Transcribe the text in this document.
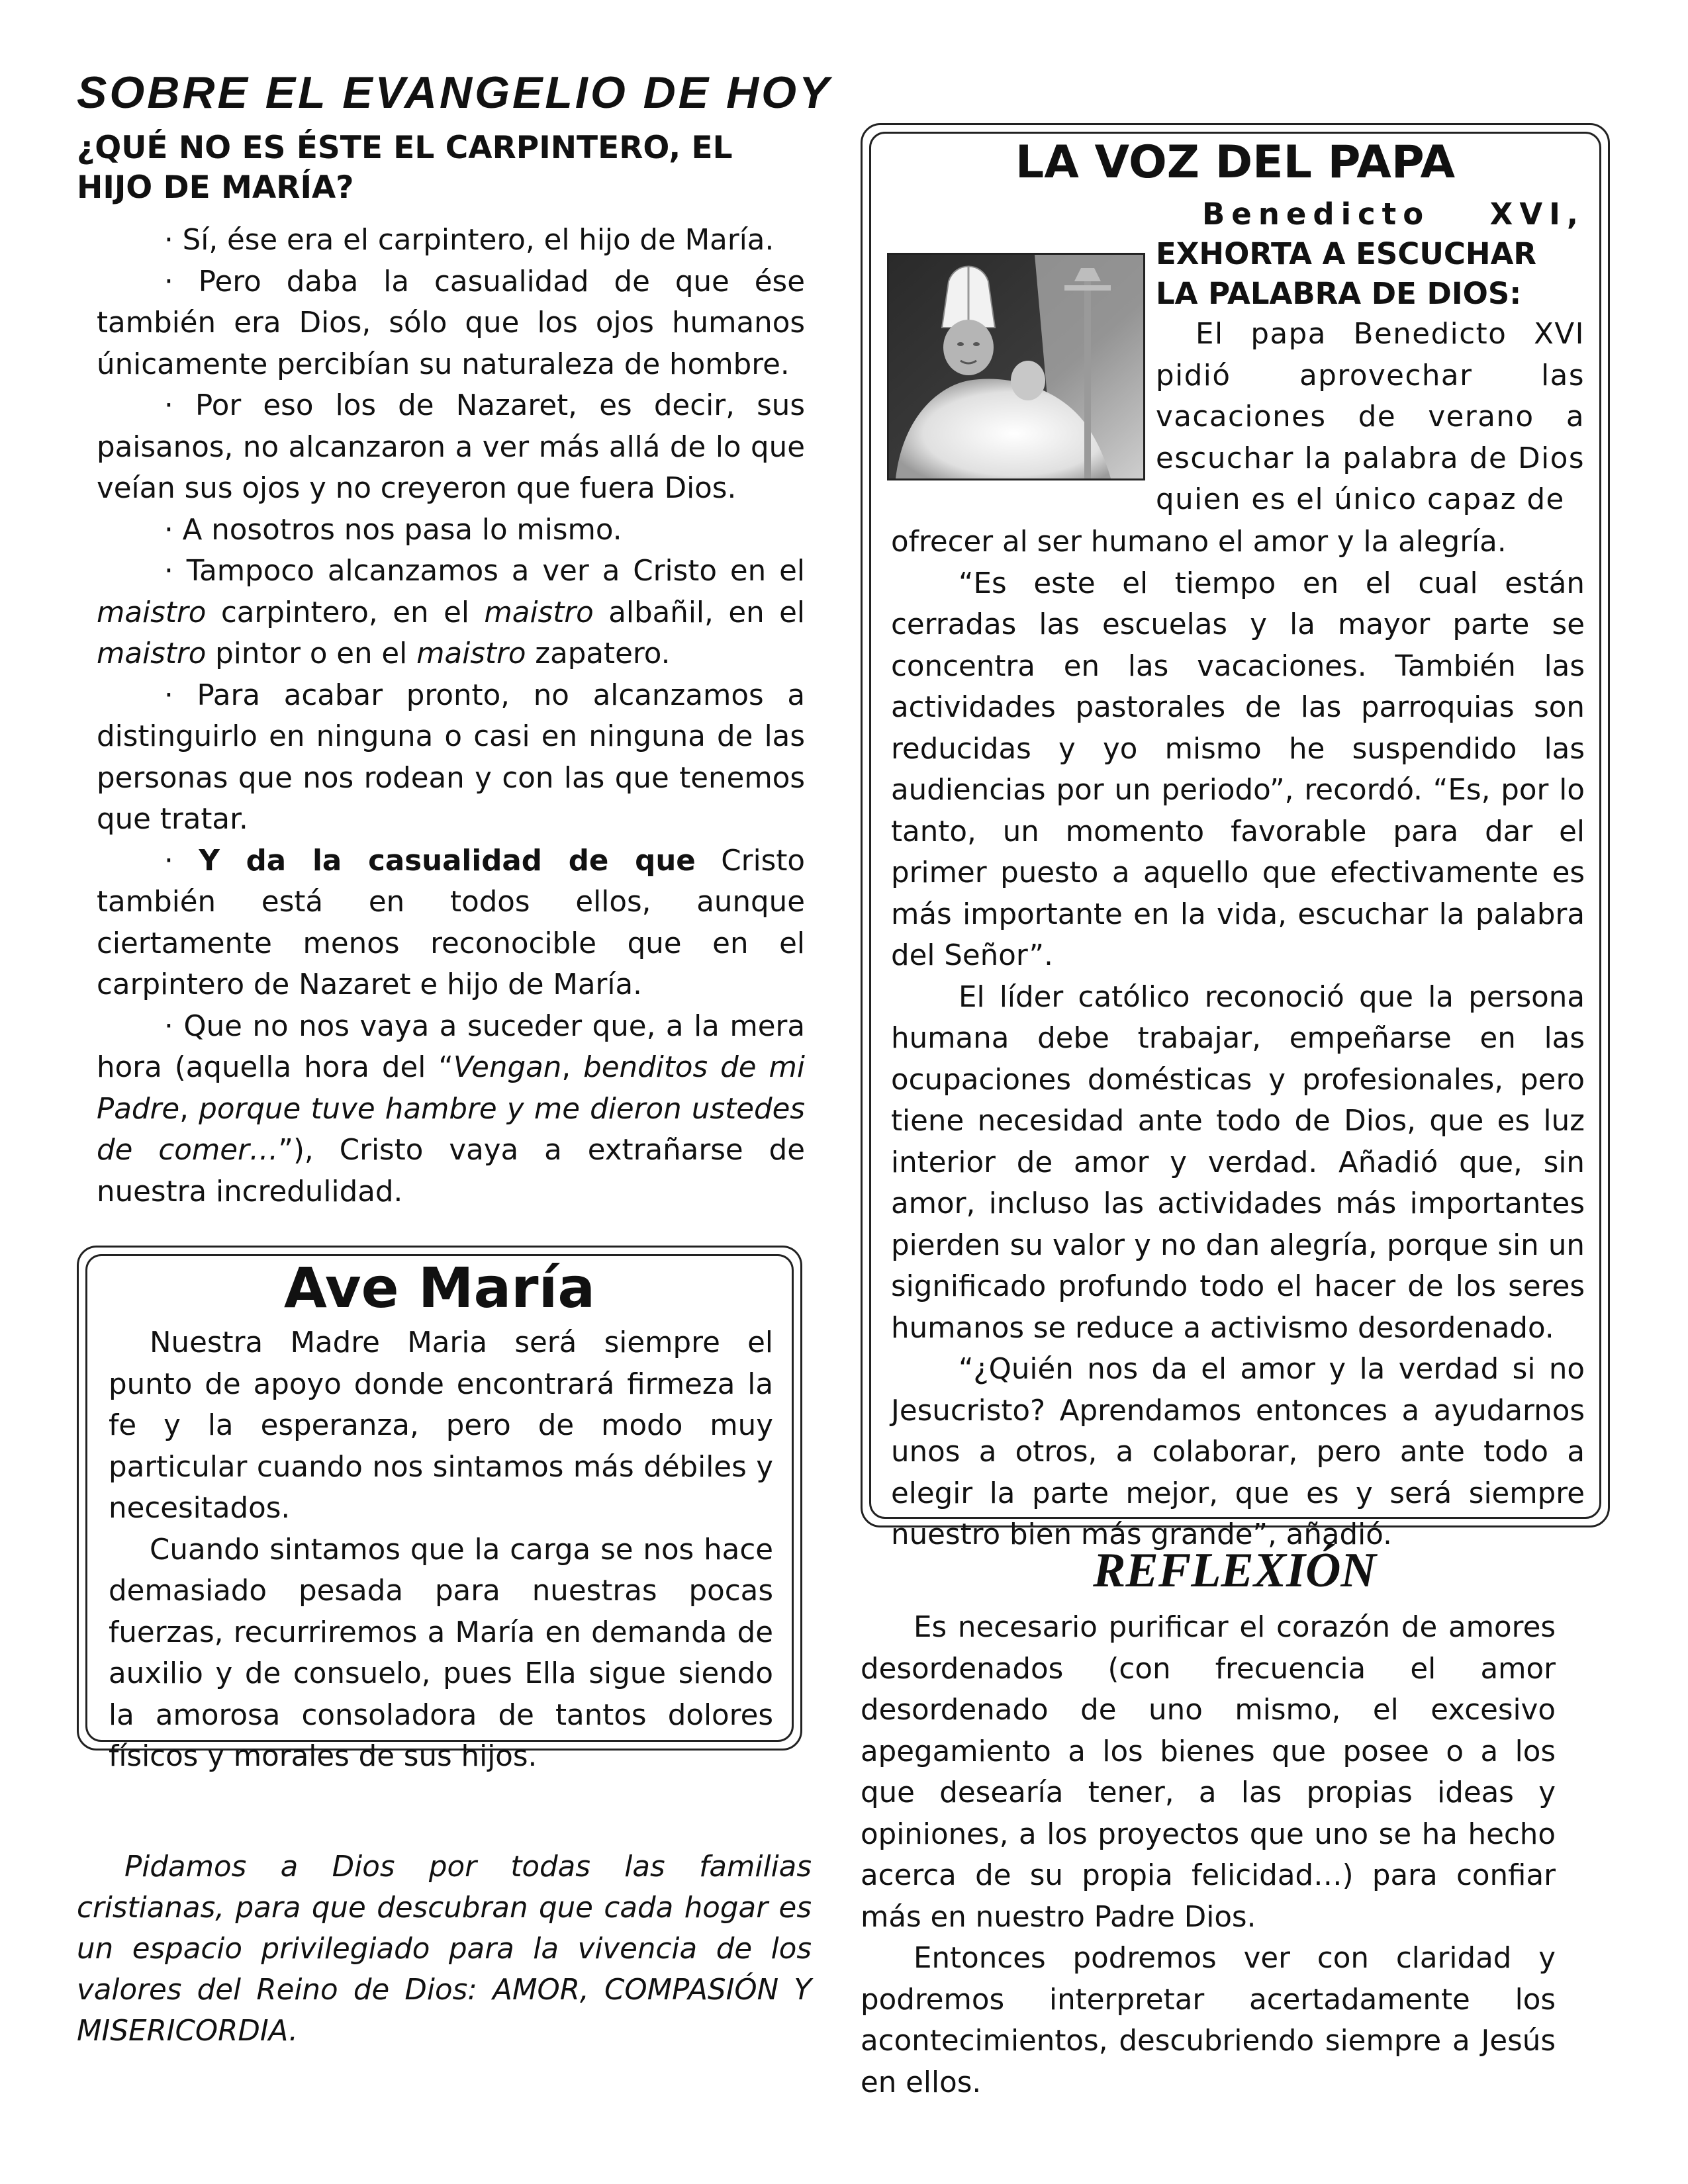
SOBRE EL EVANGELIO DE HOY
¿QUÉ NO ES ÉSTE EL CARPINTERO, EL HIJO DE MARÍA?

· Sí, ése era el carpintero, el hijo de María.

· Pero daba la casualidad de que ése también era Dios, sólo que los ojos humanos únicamente percibían su naturaleza de hombre.

· Por eso los de Nazaret, es decir, sus paisanos, no alcanzaron a ver más allá de lo que veían sus ojos y no creyeron que fuera Dios.

· A nosotros nos pasa lo mismo.

· Tampoco alcanzamos a ver a Cristo en el maistro carpintero, en el maistro albañil, en el maistro pintor o en el maistro zapatero.

· Para acabar pronto, no alcanzamos a distinguirlo en ninguna o casi en ninguna de las personas que nos rodean y con las que tenemos que tratar.

· Y da la casualidad de que Cristo también está en todos ellos, aunque ciertamente menos reconocible que en el carpintero de Nazaret e hijo de María.

· Que no nos vaya a suceder que, a la mera hora (aquella hora del “Vengan, benditos de mi Padre, porque tuve hambre y me dieron ustedes de comer…”), Cristo vaya a extrañarse de nuestra incredulidad.

Ave María

Nuestra Madre Maria será siempre el punto de apoyo donde encontrará firmeza la fe y la esperanza, pero de modo muy particular cuando nos sintamos más débiles y necesitados.

Cuando sintamos que la carga se nos hace demasiado pesada para nuestras pocas fuerzas, recurriremos a María en demanda de auxilio y de consuelo, pues Ella sigue siendo la amorosa consoladora de tantos dolores físicos y morales de sus hijos.

Pidamos a Dios por todas las familias cristianas, para que descubran que cada hogar es un espacio privilegiado para la vivencia de los valores del Reino de Dios: AMOR, COMPASIÓN Y MISERICORDIA.

LA VOZ DEL PAPA
Benedicto XVI,
EXHORTA A ESCUCHAR LA PALABRA DE DIOS:
El papa Benedicto XVI pidió aprovechar las vacaciones de verano a escuchar la palabra de Dios quien es el único capaz de

ofrecer al ser humano el amor y la alegría.

“Es este el tiempo en el cual están cerradas las escuelas y la mayor parte se concentra en las vacaciones. También las actividades pastorales de las parroquias son reducidas y yo mismo he suspendido las audiencias por un periodo”, recordó. “Es, por lo tanto, un momento favorable para dar el primer puesto a aquello que efectivamente es más importante en la vida, escuchar la palabra del Señor”.

El líder católico reconoció que la persona humana debe trabajar, empeñarse en las ocupaciones domésticas y profesionales, pero tiene necesidad ante todo de Dios, que es luz interior de amor y verdad. Añadió que, sin amor, incluso las actividades más importantes pierden su valor y no dan alegría, porque sin un significado profundo todo el hacer de los seres humanos se reduce a activismo desordenado.

“¿Quién nos da el amor y la verdad si no Jesucristo? Aprendamos entonces a ayudarnos unos a otros, a colaborar, pero ante todo a elegir la parte mejor, que es y será siempre nuestro bien más grande”, añadió.

REFLEXIÓN

Es necesario purificar el corazón de amores desordenados (con frecuencia el amor desordenado de uno mismo, el excesivo apegamiento a los bienes que posee o a los que desearía tener, a las propias ideas y opiniones, a los proyectos que uno se ha hecho acerca de su propia felicidad…) para confiar más en nuestro Padre Dios.

Entonces podremos ver con claridad y podremos interpretar acertadamente los acontecimientos, descubriendo siempre a Jesús en ellos.
